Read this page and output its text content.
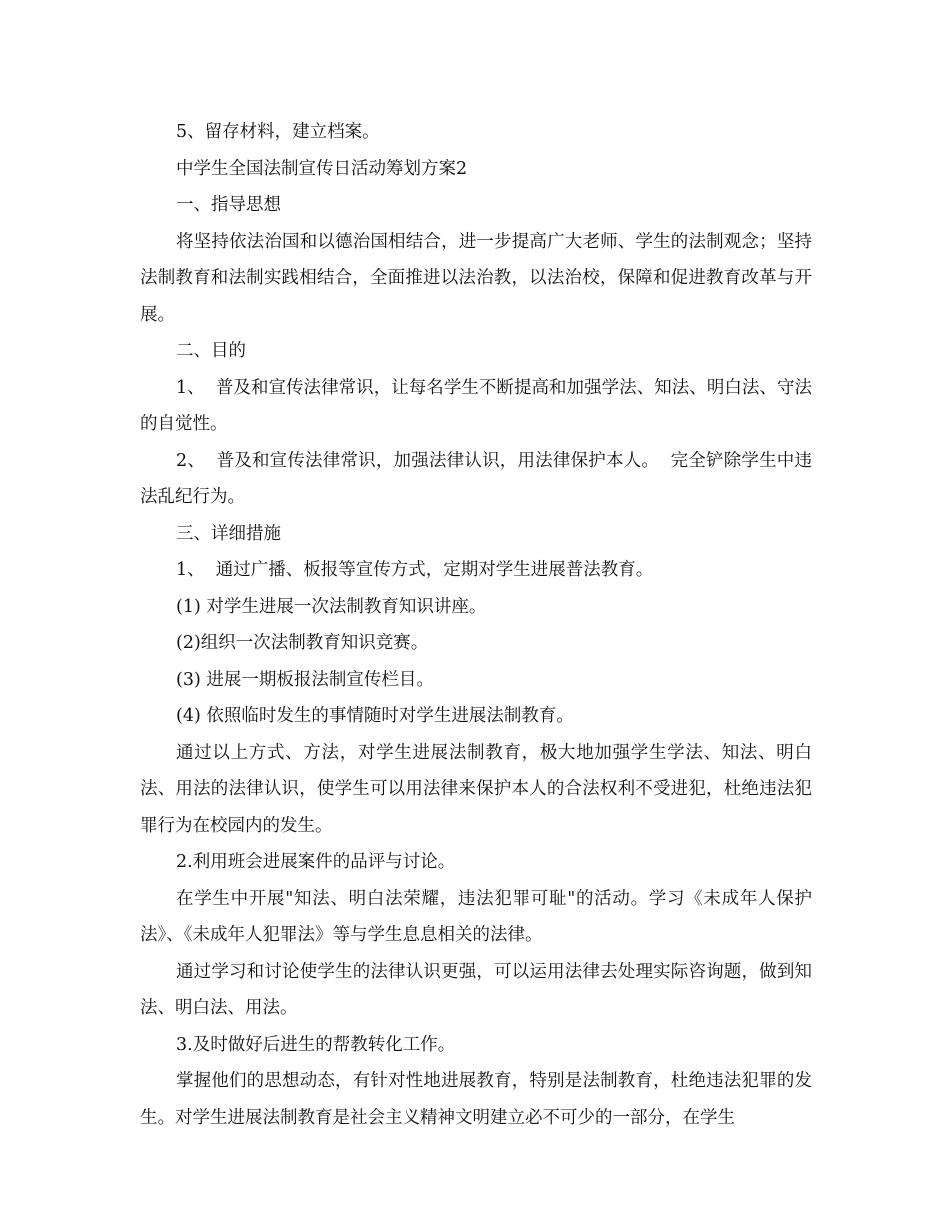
5、留存材料，建立档案。

中学生全国法制宣传日活动筹划方案2

一、指导思想

将坚持依法治国和以德治国相结合，进一步提高广大老师、学生的法制观念；坚持法制教育和法制实践相结合，全面推进以法治教，以法治校，保障和促进教育改革与开展。

二、目的

1、  普及和宣传法律常识，让每名学生不断提高和加强学法、知法、明白法、守法的自觉性。

2、  普及和宣传法律常识，加强法律认识，用法律保护本人。  完全铲除学生中违法乱纪行为。

三、详细措施

1、  通过广播、板报等宣传方式，定期对学生进展普法教育。

(1) 对学生进展一次法制教育知识讲座。

(2)组织一次法制教育知识竞赛。

(3) 进展一期板报法制宣传栏目。

(4) 依照临时发生的事情随时对学生进展法制教育。

通过以上方式、方法，对学生进展法制教育，极大地加强学生学法、知法、明白法、用法的法律认识，使学生可以用法律来保护本人的合法权利不受进犯，杜绝违法犯罪行为在校园内的发生。

2.利用班会进展案件的品评与讨论。

在学生中开展"知法、明白法荣耀，违法犯罪可耻"的活动。学习《未成年人保护法》、《未成年人犯罪法》等与学生息息相关的法律。

通过学习和讨论使学生的法律认识更强，可以运用法律去处理实际咨询题，做到知法、明白法、用法。

3.及时做好后进生的帮教转化工作。

掌握他们的思想动态，有针对性地进展教育，特别是法制教育，杜绝违法犯罪的发生。对学生进展法制教育是社会主义精神文明建立必不可少的一部分，在学生
